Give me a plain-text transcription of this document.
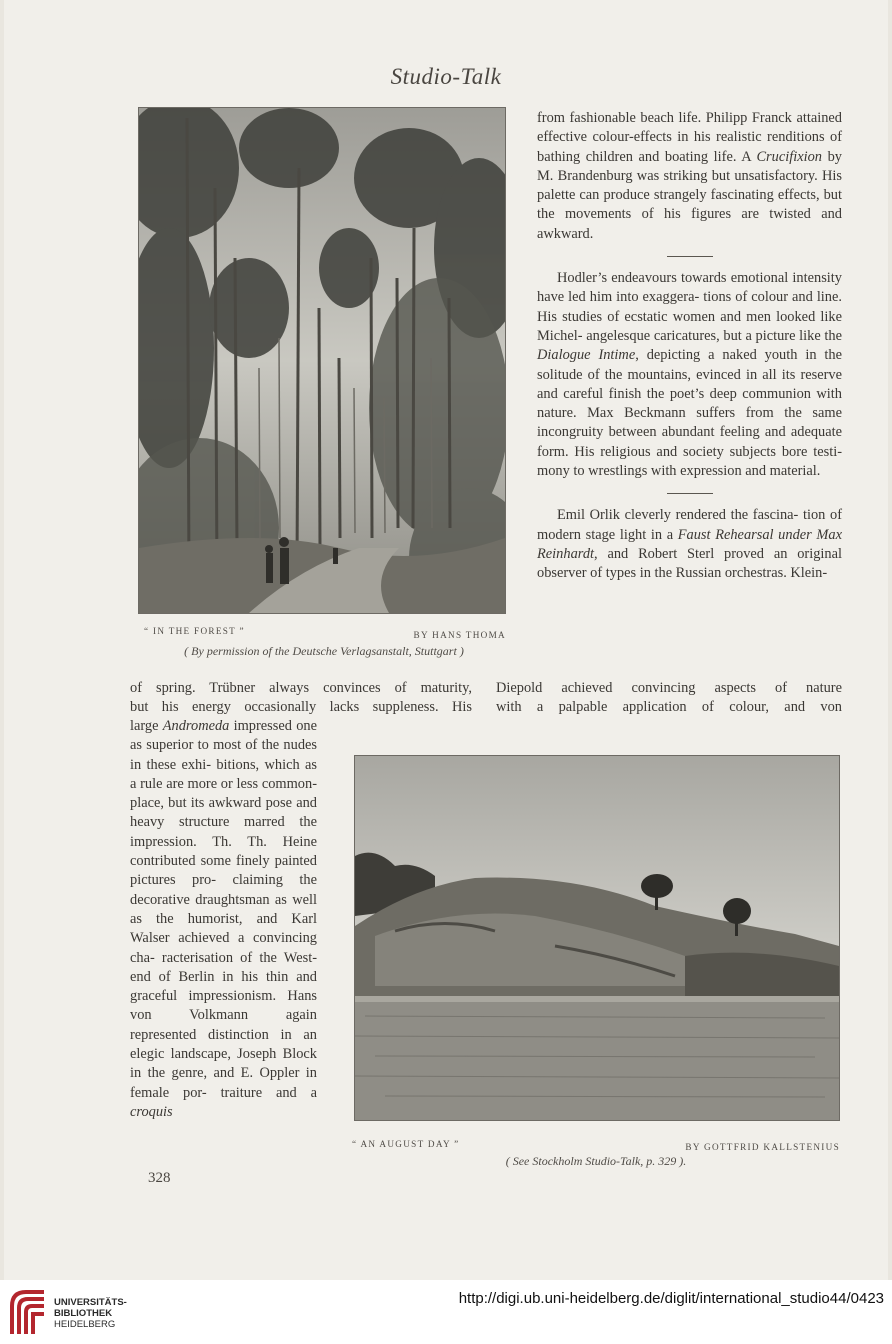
Studio-Talk
“ IN THE FOREST ”	BY HANS THOMA
( By permission of the Deutsche Verlagsanstalt, Stuttgart )

from fashionable beach life. Philipp Franck attained effective colour-effects in his realistic renditions of bathing children and boating life. A Crucifixion by M. Brandenburg was striking but unsatisfactory. His palette can produce strangely fascinating effects, but the movements of his figures are twisted and awkward.

Hodler’s endeavours towards emotional intensity have led him into exaggera- tions of colour and line. His studies of ecstatic women and men looked like Michel- angelesque caricatures, but a picture like the Dialogue Intime, depicting a naked youth in the solitude of the mountains, evinced in all its reserve and careful finish the poet’s deep communion with nature. Max Beckmann suffers from the same incongruity between abundant feeling and adequate form. His religious and society subjects bore testi- mony to wrestlings with expression and material.

Emil Orlik cleverly rendered the fascina- tion of modern stage light in a Faust Rehearsal under Max Reinhardt, and Robert Sterl proved an original observer of types in the Russian orchestras. Klein-

of spring. Trübner always convinces of maturity,
but his energy occasionally lacks suppleness. His
Diepold achieved convincing aspects of nature
with a palpable application of colour, and von

large Andromeda impressed one as superior to most of the nudes in these exhi- bitions, which as a rule are more or less common- place, but its awkward pose and heavy structure marred the impression. Th. Th. Heine contributed some finely painted pictures pro- claiming the decorative draughtsman as well as the humorist, and Karl Walser achieved a convincing cha- racterisation of the West-end of Berlin in his thin and graceful impressionism. Hans von Volkmann again represented distinction in an elegic landscape, Joseph Block in the genre, and E. Oppler in female por- traiture and a croquis

“ AN AUGUST DAY ”	BY GOTTFRID KALLSTENIUS
( See Stockholm Studio-Talk, p. 329 ).
328
UNIVERSITÄTS-
BIBLIOTHEK
HEIDELBERG
http://digi.ub.uni-heidelberg.de/diglit/international_studio44/0423
